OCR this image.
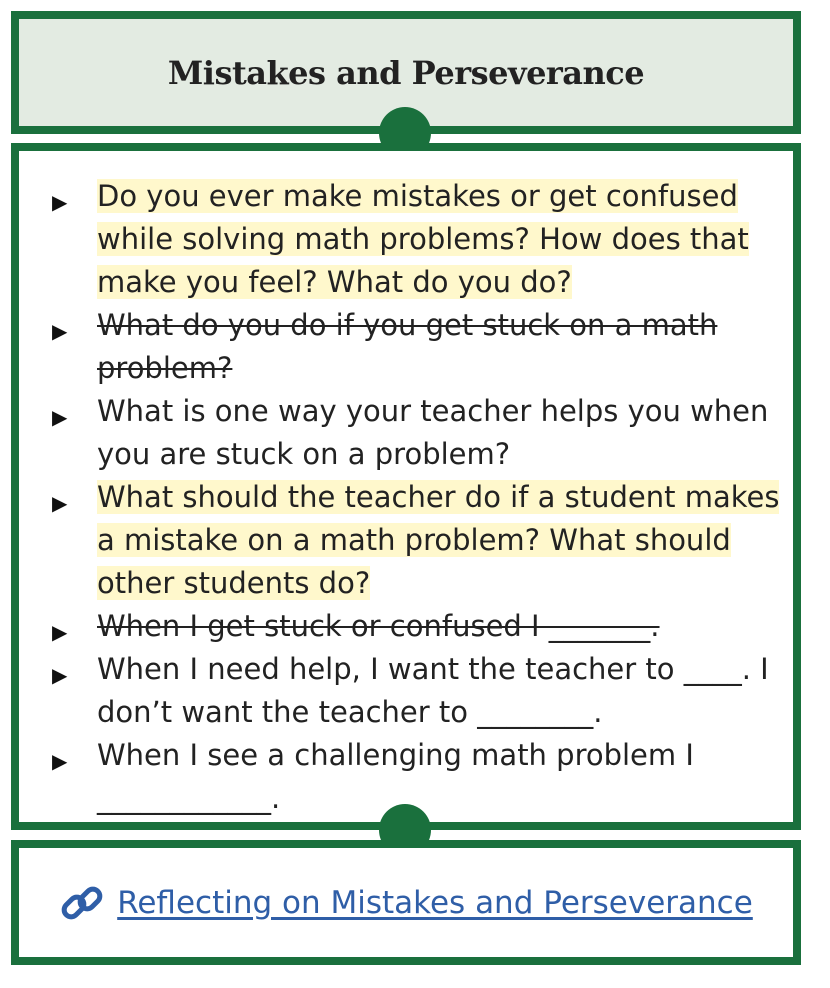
Mistakes and Perseverance
▶ Do you ever make mistakes or get confused while solving math problems? How does that make you feel? What do you do?
▶ What do you do if you get stuck on a math problem?
▶ What is one way your teacher helps you when you are stuck on a problem?
▶ What should the teacher do if a student makes a mistake on a math problem? What should other students do?
▶ When I get stuck or confused I _______.
▶ When I need help, I want the teacher to ____. I don’t want the teacher to ________.
▶ When I see a challenging math problem I ____________.
Reflecting on Mistakes and Perseverance
